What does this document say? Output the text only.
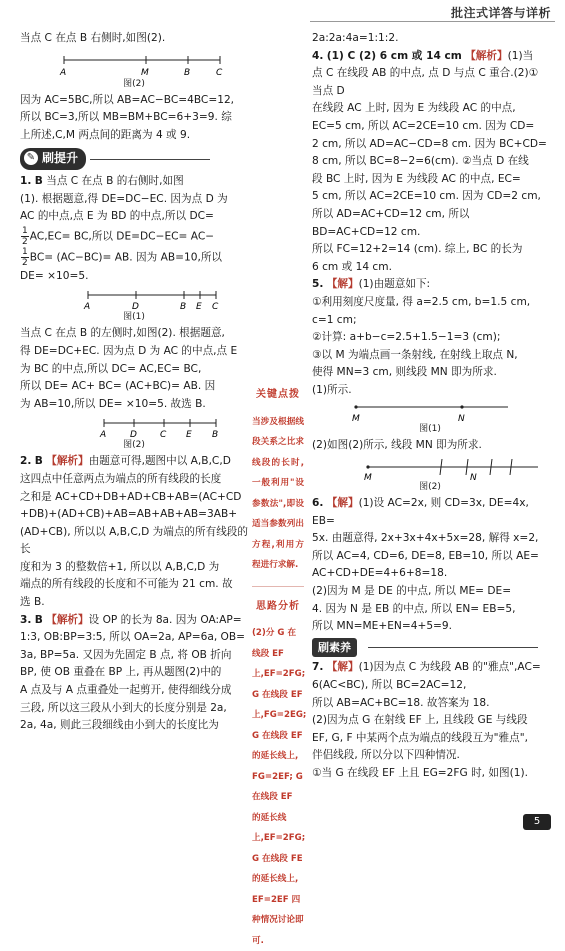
批注式详答与详析

当点 C 在点 B 右侧时,如图(2).

A	M	B	C
图(2)

因为 AC=5BC,所以 AB=AC−BC=4BC=12,

所以 BC=3,所以 MB=BM+BC=6+3=9. 综

上所述,C,M 两点间的距离为 4 或 9.

✎ 刷提升

1. B 当点 C 在点 B 的右侧时,如图

(1). 根据题意,得 DE=DC−EC. 因为点 D 为

AC 的中点,点 E 为 BD 的中点,所以 DC=

$\frac{1}{2} AC,EC=$ BC,所以 DE=DC−EC= AC−

$\frac{1}{2} BC= (AC-BC)=$ AB. 因为 AB=10,所以

DE= ×10=5.

A	D	B E C
图(1)

当点 C 在点 B 的左侧时,如图(2). 根据题意,

得 DE=DC+EC. 因为点 D 为 AC 的中点,点 E

为 BC 的中点,所以 DC= AC,EC= BC,

所以 DE= AC+ BC= (AC+BC)= AB. 因

为 AB=10,所以 DE= ×10=5. 故选 B.

A	D	C E B
图(2)

2. B 【解析】由题意可得,题图中以 A,B,C,D

这四点中任意两点为端点的所有线段的长度

之和是 AC+CD+DB+AD+CB+AB=(AC+CD

+DB)+(AD+CB)+AB=AB+AB+AB=3AB+

(AD+CB), 所以以 A,B,C,D 为端点的所有线段的长

度和为 3 的整数倍+1, 所以以 A,B,C,D 为

端点的所有线段的长度和不可能为 21 cm. 故

选 B.

3. B 【解析】设 OP 的长为 8a. 因为 OA:AP=

1:3, OB:BP=3:5, 所以 OA=2a, AP=6a, OB=

3a, BP=5a. 又因为先固定 B 点, 将 OB 折向

BP, 使 OB 重叠在 BP 上, 再从题图(2)中的

A 点及与 A 点重叠处一起剪开, 使得细线分成

三段, 所以这三段从小到大的长度分别是 2a,

2a, 4a, 则此三段细线由小到大的长度比为

关键点拨
当涉及根据线段关系之比求线段的长时,一般利用"设参数法",即设适当参数列出方程,利用方程进行求解.
思路分析
(2)分 G 在线段 EF 上,EF=2FG; G 在线段 EF 上,FG=2EG; G 在线段 EF 的延长线上, FG=2EF; G 在线段 EF 的延长线上,EF=2FG; G 在线段 FE 的延长线上, EF=2EF 四种情况讨论即可.

2a:2a:4a=1:1:2.

4. (1) C (2) 6 cm 或 14 cm 【解析】(1)当

点 C 在线段 AB 的中点, 点 D 与点 C 重合.(2)①当点 D

在线段 AC 上时, 因为 E 为线段 AC 的中点,

EC=5 cm, 所以 AC=2CE=10 cm. 因为 CD=

2 cm, 所以 AD=AC−CD=8 cm. 因为 BC+CD=

8 cm, 所以 BC=8−2=6(cm). ②当点 D 在线

段 BC 上时, 因为 E 为线段 AC 的中点, EC=

5 cm, 所以 AC=2CE=10 cm. 因为 CD=2 cm,

所以 AD=AC+CD=12 cm, 所以 BD=AC+CD=12 cm.

所以 FC=12+2=14 (cm). 综上, BC 的长为

6 cm 或 14 cm.

5. 【解】(1)由题意如下:

①利用刻度尺度量, 得 a=2.5 cm, b=1.5 cm,

c=1 cm;

②计算: a+b−c=2.5+1.5−1=3 (cm);

③以 M 为端点画一条射线, 在射线上取点 N,

使得 MN=3 cm, 则线段 MN 即为所求.

(1)所示.

M	N
图(1)

(2)如图(2)所示, 线段 MN 即为所求.

M	N
图(2)

6. 【解】(1)设 AC=2x, 则 CD=3x, DE=4x, EB=

5x. 由题意得, 2x+3x+4x+5x=28, 解得 x=2,

所以 AC=4, CD=6, DE=8, EB=10, 所以 AE=

AC+CD+DE=4+6+8=18.

(2)因为 M 是 DE 的中点, 所以 ME= DE=

4. 因为 N 是 EB 的中点, 所以 EN= EB=5,

所以 MN=ME+EN=4+5=9.

刷素养

7. 【解】(1)因为点 C 为线段 AB 的"雅点",AC=

6(AC<BC), 所以 BC=2AC=12,

所以 AB=AC+BC=18. 故答案为 18.

(2)因为点 G 在射线 EF 上, 且线段 GE 与线段

EF, G, F 中某两个点为端点的线段互为"雅点",

伴侣线段, 所以分以下四种情况.

①当 G 在线段 EF 上且 EG=2FG 时, 如图(1).

5
